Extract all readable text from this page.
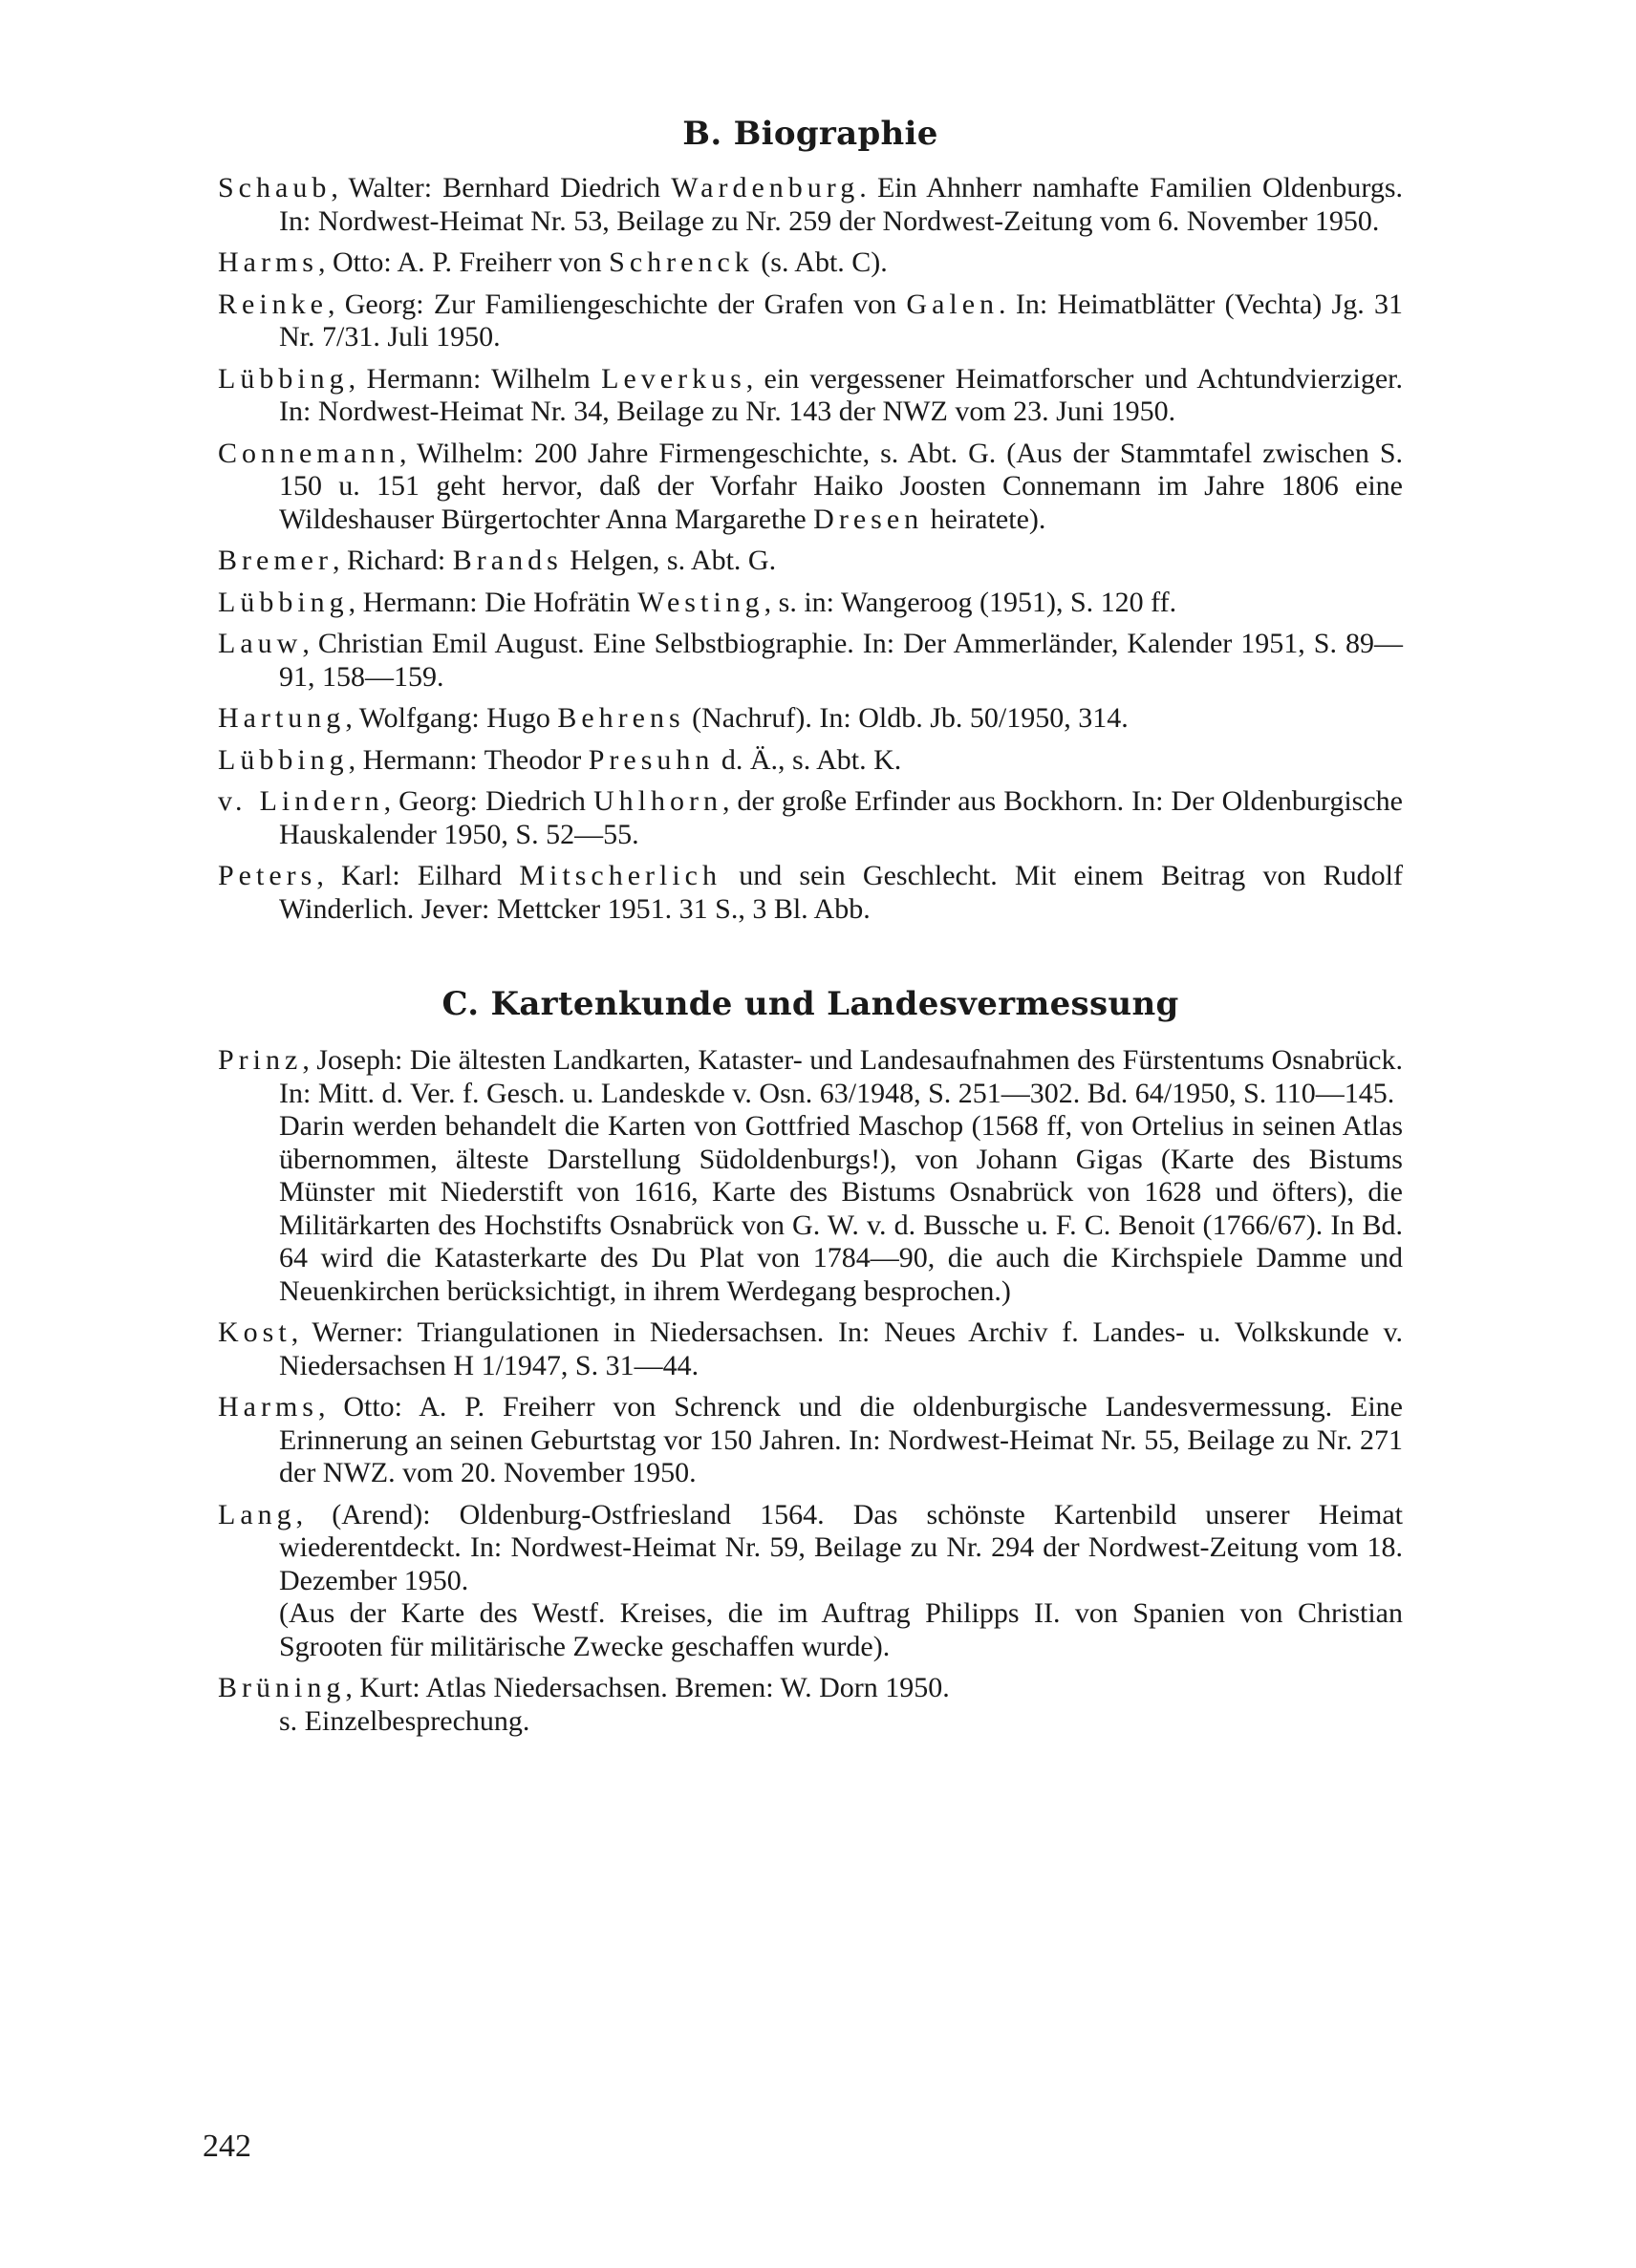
B. Biographie

Schaub, Walter: Bernhard Diedrich Wardenburg. Ein Ahnherr namhafte Familien Oldenburgs. In: Nordwest-Heimat Nr. 53, Beilage zu Nr. 259 der Nordwest-Zeitung vom 6. November 1950.

Harms, Otto: A. P. Freiherr von Schrenck (s. Abt. C).

Reinke, Georg: Zur Familiengeschichte der Grafen von Galen. In: Heimatblätter (Vechta) Jg. 31 Nr. 7/31. Juli 1950.

Lübbing, Hermann: Wilhelm Leverkus, ein vergessener Heimatforscher und Achtundvierziger. In: Nordwest-Heimat Nr. 34, Beilage zu Nr. 143 der NWZ vom 23. Juni 1950.

Connemann, Wilhelm: 200 Jahre Firmengeschichte, s. Abt. G. (Aus der Stammtafel zwischen S. 150 u. 151 geht hervor, daß der Vorfahr Haiko Joosten Connemann im Jahre 1806 eine Wildeshauser Bürgertochter Anna Margarethe Dresen heiratete).

Bremer, Richard: Brands Helgen, s. Abt. G.

Lübbing, Hermann: Die Hofrätin Westing, s. in: Wangeroog (1951), S. 120 ff.

Lauw, Christian Emil August. Eine Selbstbiographie. In: Der Ammerländer, Kalender 1951, S. 89—91, 158—159.

Hartung, Wolfgang: Hugo Behrens (Nachruf). In: Oldb. Jb. 50/1950, 314.

Lübbing, Hermann: Theodor Presuhn d. Ä., s. Abt. K.

v. Lindern, Georg: Diedrich Uhlhorn, der große Erfinder aus Bockhorn. In: Der Oldenburgische Hauskalender 1950, S. 52—55.

Peters, Karl: Eilhard Mitscherlich und sein Geschlecht. Mit einem Beitrag von Rudolf Winderlich. Jever: Mettcker 1951. 31 S., 3 Bl. Abb.

C. Kartenkunde und Landesvermessung

Prinz, Joseph: Die ältesten Landkarten, Kataster- und Landesaufnahmen des Fürstentums Osnabrück. In: Mitt. d. Ver. f. Gesch. u. Landeskde v. Osn. 63/1948, S. 251—302. Bd. 64/1950, S. 110—145.
Darin werden behandelt die Karten von Gottfried Maschop (1568 ff, von Ortelius in seinen Atlas übernommen, älteste Darstellung Südoldenburgs!), von Johann Gigas (Karte des Bistums Münster mit Niederstift von 1616, Karte des Bistums Osnabrück von 1628 und öfters), die Militärkarten des Hochstifts Osnabrück von G. W. v. d. Bussche u. F. C. Benoit (1766/67). In Bd. 64 wird die Katasterkarte des Du Plat von 1784—90, die auch die Kirchspiele Damme und Neuenkirchen berücksichtigt, in ihrem Werdegang besprochen.)

Kost, Werner: Triangulationen in Niedersachsen. In: Neues Archiv f. Landes- u. Volkskunde v. Niedersachsen H 1/1947, S. 31—44.

Harms, Otto: A. P. Freiherr von Schrenck und die oldenburgische Landesvermessung. Eine Erinnerung an seinen Geburtstag vor 150 Jahren. In: Nordwest-Heimat Nr. 55, Beilage zu Nr. 271 der NWZ. vom 20. November 1950.

Lang, (Arend): Oldenburg-Ostfriesland 1564. Das schönste Kartenbild unserer Heimat wiederentdeckt. In: Nordwest-Heimat Nr. 59, Beilage zu Nr. 294 der Nordwest-Zeitung vom 18. Dezember 1950.
(Aus der Karte des Westf. Kreises, die im Auftrag Philipps II. von Spanien von Christian Sgrooten für militärische Zwecke geschaffen wurde).

Brüning, Kurt: Atlas Niedersachsen. Bremen: W. Dorn 1950.
s. Einzelbesprechung.

242
